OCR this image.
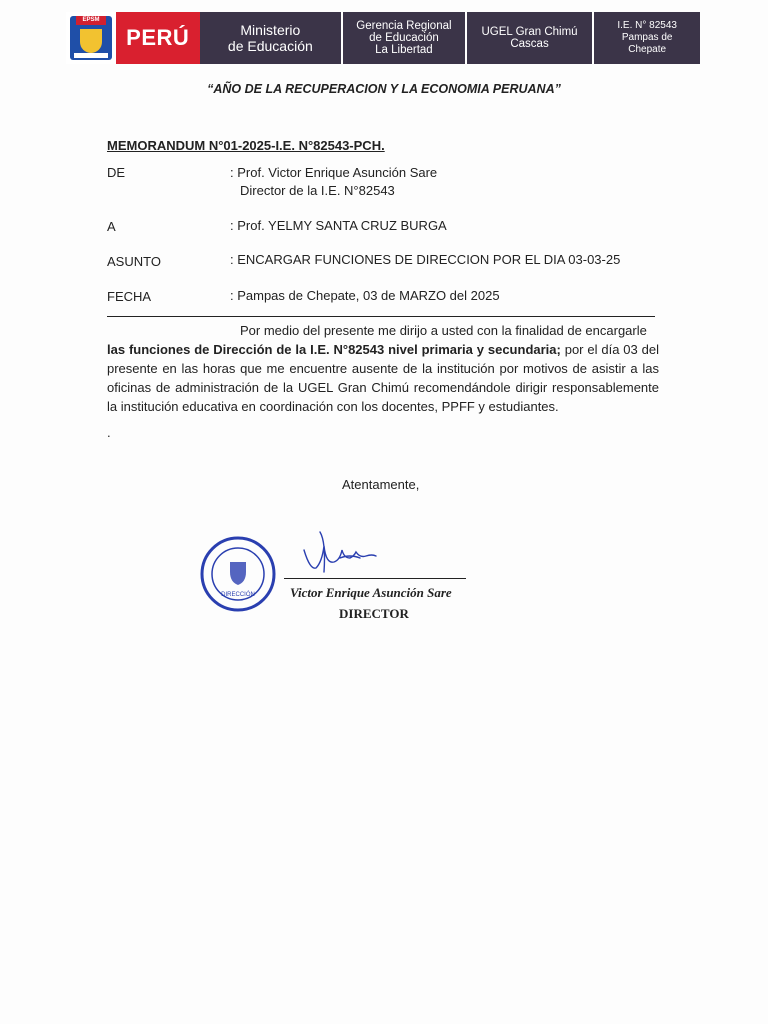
EPSM
PERÚ	Ministerio
de Educación
Gerencia Regional
de Educación
La Libertad
UGEL Gran Chimú
Cascas
I.E. N° 82543
Pampas de
Chepate
“AÑO DE LA RECUPERACION Y LA ECONOMIA PERUANA”
MEMORANDUM N°01-2025-I.E. N°82543-PCH.
DE	: Prof. Victor Enrique Asunción Sare
Director de la I.E. N°82543
A	: Prof. YELMY SANTA CRUZ BURGA
ASUNTO	: ENCARGAR FUNCIONES DE DIRECCION POR EL DIA 03-03-25
FECHA	: Pampas de Chepate, 03 de MARZO del 2025
Por medio del presente me dirijo a usted con la finalidad de encargarle
las funciones de Dirección de la I.E. N°82543 nivel primaria y secundaria; por el día 03 del presente en las horas que me encuentre ausente de la institución por motivos de asistir a las oficinas de administración de la UGEL Gran Chimú recomendándole dirigir responsablemente la institución educativa en coordinación con los docentes, PPFF y estudiantes.
.
Atentamente,
DIRECCIÓN	Victor Enrique Asunción Sare
DIRECTOR
